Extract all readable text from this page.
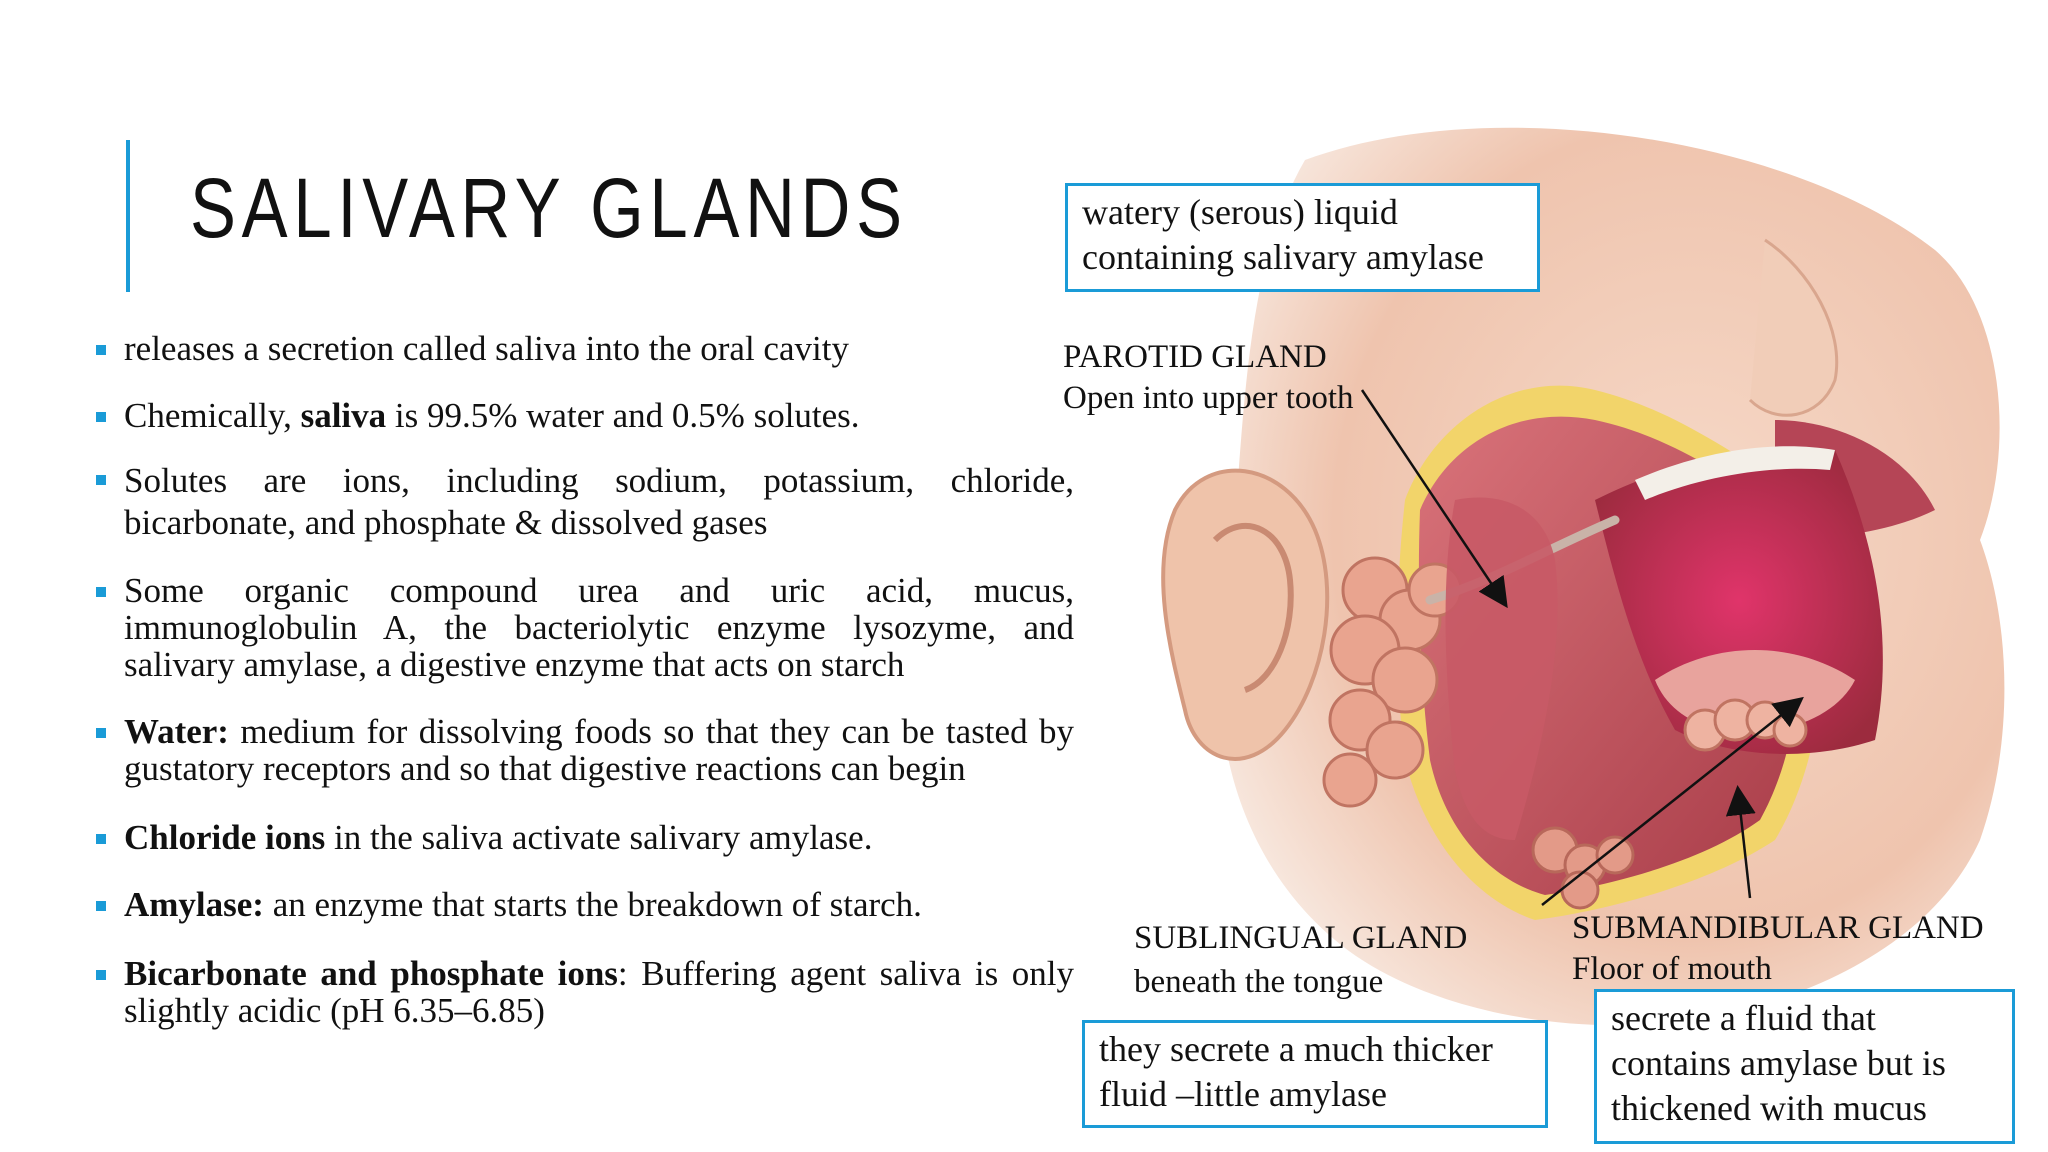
SALIVARY GLANDS
releases a secretion called saliva into the oral cavity
Chemically, saliva is 99.5% water and 0.5% solutes.
Solutes are ions, including sodium, potassium, chloride, bicarbonate, and phosphate & dissolved gases
Some organic compound urea and uric acid, mucus, immunoglobulin A, the bacteriolytic enzyme lysozyme, and salivary amylase, a digestive enzyme that acts on starch
Water: medium for dissolving foods so that they can be tasted by gustatory receptors and so that digestive reactions can begin
Chloride ions in the saliva activate salivary amylase.
Amylase: an enzyme that starts the breakdown of starch.
Bicarbonate and phosphate ions: Buffering agent saliva is only slightly acidic (pH 6.35–6.85)
watery (serous) liquid
containing salivary amylase
PAROTID GLAND
Open into upper tooth
SUBLINGUAL GLAND
beneath the tongue
SUBMANDIBULAR GLAND
Floor of mouth
they secrete a much thicker
fluid –little amylase
secrete a fluid that
contains amylase but is
thickened with mucus
